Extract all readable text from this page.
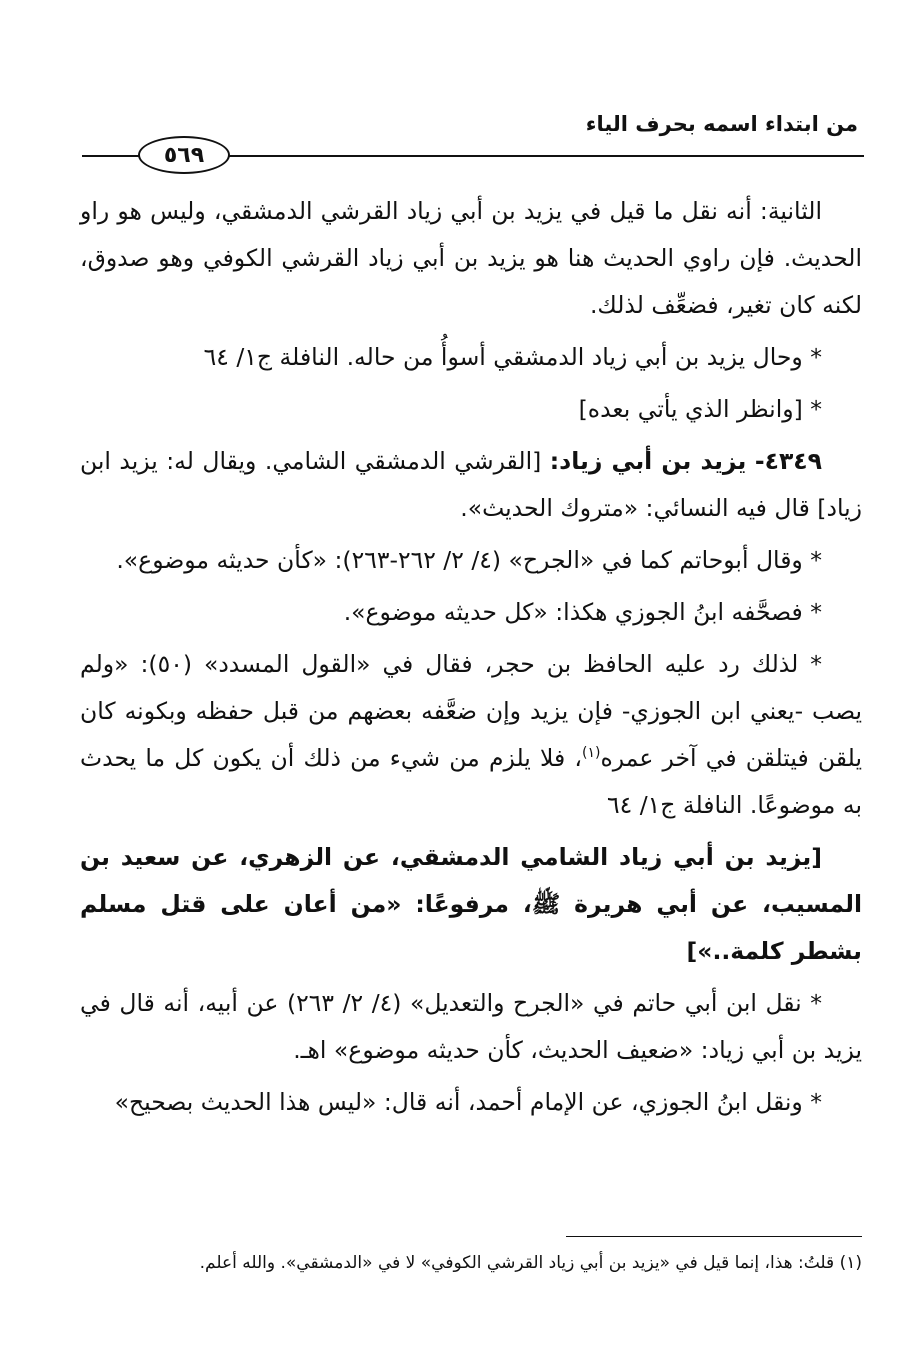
من ابتداء اسمه بحرف الياء
٥٦٩

الثانية: أنه نقل ما قيل في يزيد بن أبي زياد القرشي الدمشقي، وليس هو راو الحديث. فإن راوي الحديث هنا هو يزيد بن أبي زياد القرشي الكوفي وهو صدوق، لكنه كان تغير، فضعِّف لذلك.

* وحال يزيد بن أبي زياد الدمشقي أسوأُ من حاله. النافلة ج١/ ٦٤

* [وانظر الذي يأتي بعده]

٤٣٤٩- يزيد بن أبي زياد: [القرشي الدمشقي الشامي. ويقال له: يزيد ابن زياد] قال فيه النسائي: «متروك الحديث».

* وقال أبوحاتم كما في «الجرح» (٤/ ٢/ ٢٦٢-٢٦٣): «كأن حديثه موضوع».

* فصحَّفه ابنُ الجوزي هكذا: «كل حديثه موضوع».

* لذلك رد عليه الحافظ بن حجر، فقال في «القول المسدد» (٥٠): «ولم يصب -يعني ابن الجوزي- فإن يزيد وإن ضعَّفه بعضهم من قبل حفظه وبكونه كان يلقن فيتلقن في آخر عمره$^{(١)}$، فلا يلزم من شيء من ذلك أن يكون كل ما يحدث به موضوعًا. النافلة ج١/ ٦٤

[يزيد بن أبي زياد الشامي الدمشقي، عن الزهري، عن سعيد بن المسيب، عن أبي هريرة ﷺ، مرفوعًا: «من أعان على قتل مسلم بشطر كلمة..»]

* نقل ابن أبي حاتم في «الجرح والتعديل» (٤/ ٢/ ٢٦٣) عن أبيه، أنه قال في يزيد بن أبي زياد: «ضعيف الحديث، كأن حديثه موضوع» اهـ.

* ونقل ابنُ الجوزي، عن الإمام أحمد، أنه قال: «ليس هذا الحديث بصحيح»

(١) قلتُ: هذا، إنما قيل في «يزيد بن أبي زياد القرشي الكوفي» لا في «الدمشقي». والله أعلم.
